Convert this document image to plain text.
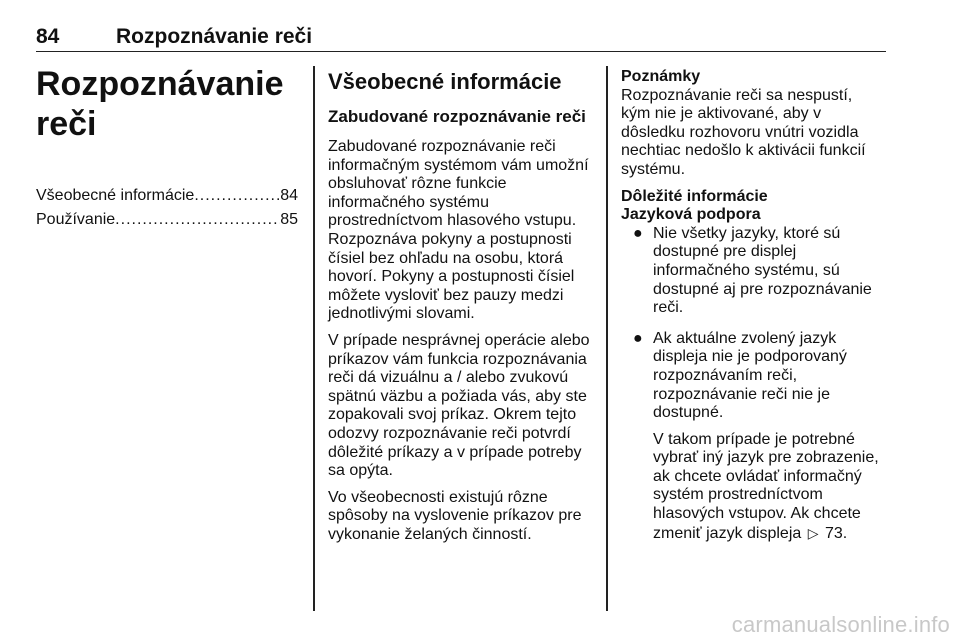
84	Rozpoznávanie reči
Rozpoznávanie reči
Všeobecné informácie .....	84
Používanie .....	85
Všeobecné informácie
Zabudované rozpoznávanie reči

Zabudované rozpoznávanie reči informačným systémom vám umožní obsluhovať rôzne funkcie informačného systému prostredníctvom hlasového vstupu. Rozpoznáva pokyny a postupnosti čísiel bez ohľadu na osobu, ktorá hovorí. Pokyny a postupnosti čísiel môžete vysloviť bez pauzy medzi jednotlivými slovami.

V prípade nesprávnej operácie alebo príkazov vám funkcia rozpoznávania reči dá vizuálnu a / alebo zvukovú spätnú väzbu a požiada vás, aby ste zopakovali svoj príkaz. Okrem tejto odozvy rozpoznávanie reči potvrdí dôležité príkazy a v prípade potreby sa opýta.

Vo všeobecnosti existujú rôzne spôsoby na vyslovenie príkazov pre vykonanie želaných činností.

Poznámky

Rozpoznávanie reči sa nespustí, kým nie je aktivované, aby v dôsledku rozhovoru vnútri vozidla nechtiac nedošlo k aktivácii funkcií systému.

Dôležité informácie
Jazyková podpora
● Nie všetky jazyky, ktoré sú dostupné pre displej informačného systému, sú dostupné aj pre rozpoznávanie reči.
● Ak aktuálne zvolený jazyk displeja nie je podporovaný rozpoznávaním reči, rozpoznávanie reči nie je dostupné.
V takom prípade je potrebné vybrať iný jazyk pre zobrazenie, ak chcete ovládať informačný systém prostredníctvom hlasových vstupov. Ak chcete zmeniť jazyk displeja ▷ 73.
carmanualsonline.info
